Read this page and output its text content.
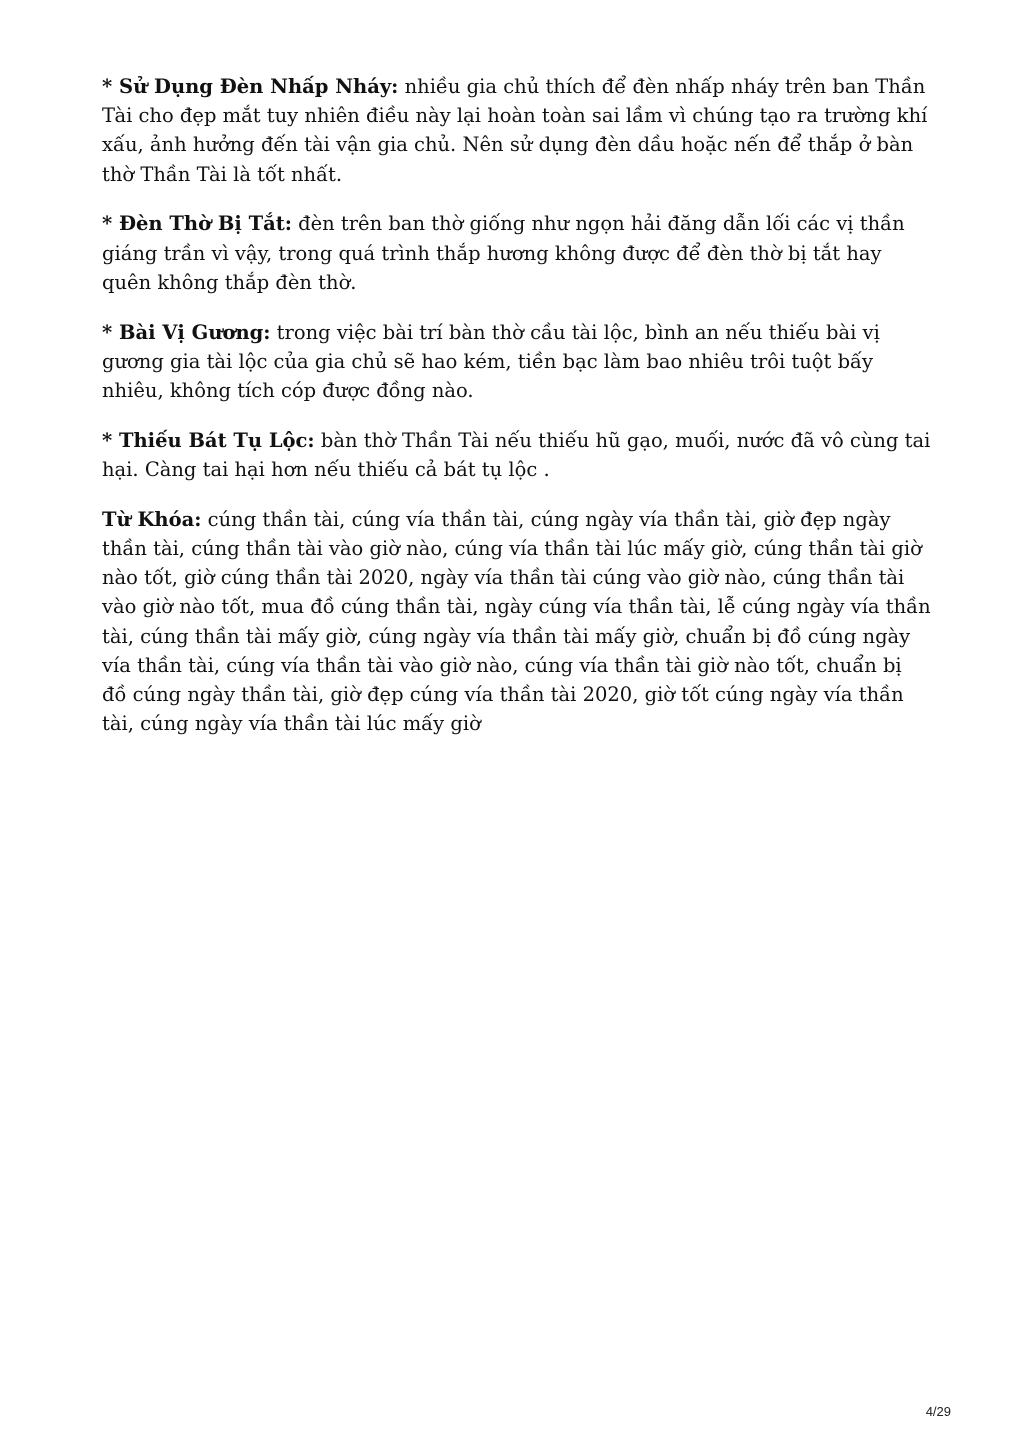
* Sử Dụng Đèn Nhấp Nháy: nhiều gia chủ thích để đèn nhấp nháy trên ban Thần Tài cho đẹp mắt tuy nhiên điều này lại hoàn toàn sai lầm vì chúng tạo ra trường khí xấu, ảnh hưởng đến tài vận gia chủ. Nên sử dụng đèn dầu hoặc nến để thắp ở bàn thờ Thần Tài là tốt nhất.

* Đèn Thờ Bị Tắt: đèn trên ban thờ giống như ngọn hải đăng dẫn lối các vị thần giáng trần vì vậy, trong quá trình thắp hương không được để đèn thờ bị tắt hay quên không thắp đèn thờ.

* Bài Vị Gương: trong việc bài trí bàn thờ cầu tài lộc, bình an nếu thiếu bài vị gương gia tài lộc của gia chủ sẽ hao kém, tiền bạc làm bao nhiêu trôi tuột bấy nhiêu, không tích cóp được đồng nào.

* Thiếu Bát Tụ Lộc: bàn thờ Thần Tài nếu thiếu hũ gạo, muối, nước đã vô cùng tai hại. Càng tai hại hơn nếu thiếu cả bát tụ lộc .

Từ Khóa: cúng thần tài, cúng vía thần tài, cúng ngày vía thần tài, giờ đẹp ngày thần tài, cúng thần tài vào giờ nào, cúng vía thần tài lúc mấy giờ, cúng thần tài giờ nào tốt, giờ cúng thần tài 2020, ngày vía thần tài cúng vào giờ nào, cúng thần tài vào giờ nào tốt, mua đồ cúng thần tài, ngày cúng vía thần tài, lễ cúng ngày vía thần tài, cúng thần tài mấy giờ, cúng ngày vía thần tài mấy giờ, chuẩn bị đồ cúng ngày vía thần tài, cúng vía thần tài vào giờ nào, cúng vía thần tài giờ nào tốt, chuẩn bị đồ cúng ngày thần tài, giờ đẹp cúng vía thần tài 2020, giờ tốt cúng ngày vía thần tài, cúng ngày vía thần tài lúc mấy giờ

4/29
